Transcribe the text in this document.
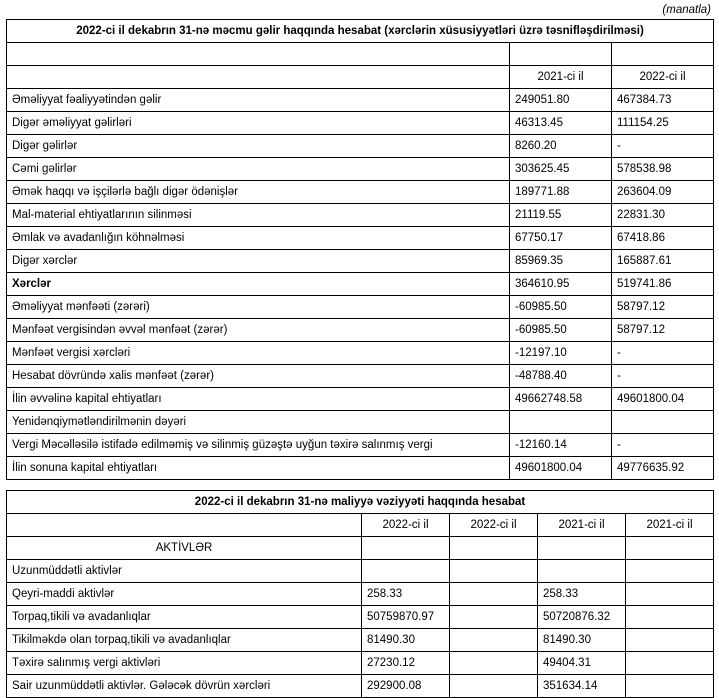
(manatla)
2022-ci il dekabrın 31-nə məcmu gəlir haqqında hesabat (xərclərin xüsusiyyətləri üzrə təsnifləşdirilməsi)		

	2021-ci il	2022-ci il
Əməliyyat fəaliyyətindən gəlir	249051.80	467384.73
Digər əməliyyat gəlirləri	46313.45	111154.25
Digər gəlirlər	8260.20	-
Cəmi gəlirlər	303625.45	578538.98
Əmək haqqı və işçilərlə bağlı digər ödənişlər	189771.88	263604.09
Mal-material ehtiyatlarının silinməsi	21119.55	22831.30
Əmlak və avadanlığın köhnəlməsi	67750.17	67418.86
Digər xərclər	85969.35	165887.61
Xərclər	364610.95	519741.86
Əməliyyat mənfəəti (zərəri)	-60985.50	58797.12
Mənfəət vergisindən əvvəl mənfəət (zərər)	-60985.50	58797.12
Mənfəət vergisi xərcləri	-12197.10	-
Hesabat dövründə xalis mənfəət (zərər)	-48788.40	-
İlin əvvəlinə kapital ehtiyatları	49662748.58	49601800.04
Yenidənqiymətləndirilmənin dəyəri		
Vergi Məcəlləsilə istifadə edilməmiş və silinmiş güzəştə uyğun təxirə salınmış vergi	-12160.14	-
İlin sonuna kapital ehtiyatları	49601800.04	49776635.92
2022-ci il dekabrın 31-nə maliyyə vəziyyəti haqqında hesabat				
	2022-ci il	2022-ci il	2021-ci il	2021-ci il
AKTİVLƏR				
Uzunmüddətli aktivlər				
Qeyri-maddi aktivlər	258.33		258.33	
Torpaq,tikili və avadanlıqlar	50759870.97		50720876.32	
Tikilməkdə olan torpaq,tikili və avadanlıqlar	81490.30		81490.30	
Təxirə salınmış vergi aktivləri	27230.12		49404.31	
Sair uzunmüddətli aktivlər. Gələcək dövrün xərcləri	292900.08		351634.14	
